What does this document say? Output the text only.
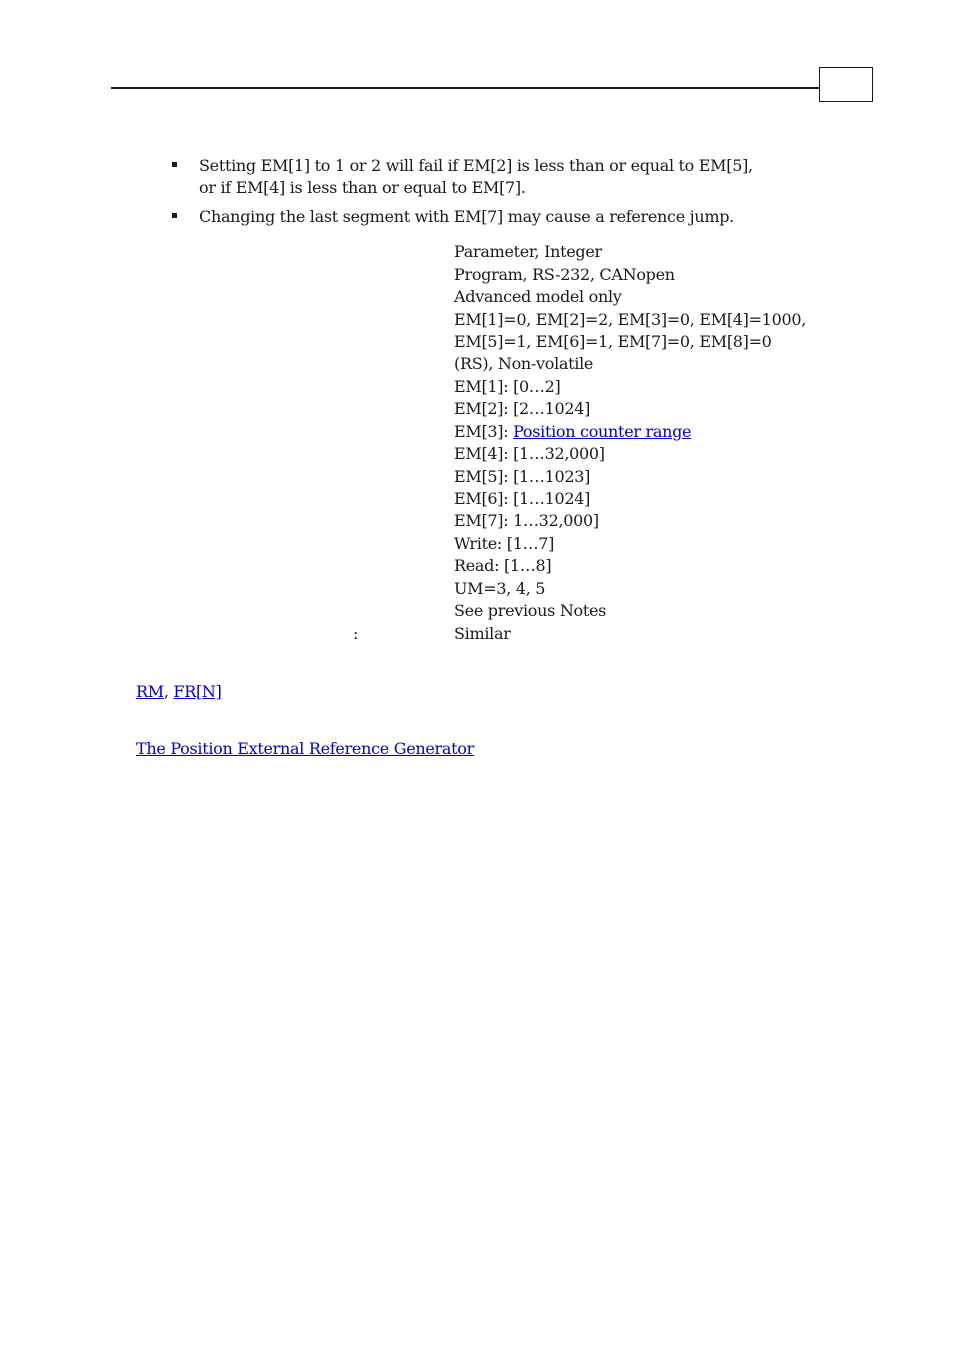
Setting EM[1] to 1 or 2 will fail if EM[2] is less than or equal to EM[5],
or if EM[4] is less than or equal to EM[7].
Changing the last segment with EM[7] may cause a reference jump.
Parameter, Integer
Program, RS-232, CANopen
Advanced model only
EM[1]=0, EM[2]=2, EM[3]=0, EM[4]=1000,
EM[5]=1, EM[6]=1, EM[7]=0, EM[8]=0
(RS), Non-volatile
EM[1]: [0…2]
EM[2]: [2…1024]
EM[3]: Position counter range
EM[4]: [1…32,000]
EM[5]: [1…1023]
EM[6]: [1…1024]
EM[7]: 1…32,000]
Write: [1…7]
Read: [1…8]
UM=3, 4, 5
See previous Notes
:	Similar
RM, FR[N]
The Position External Reference Generator
